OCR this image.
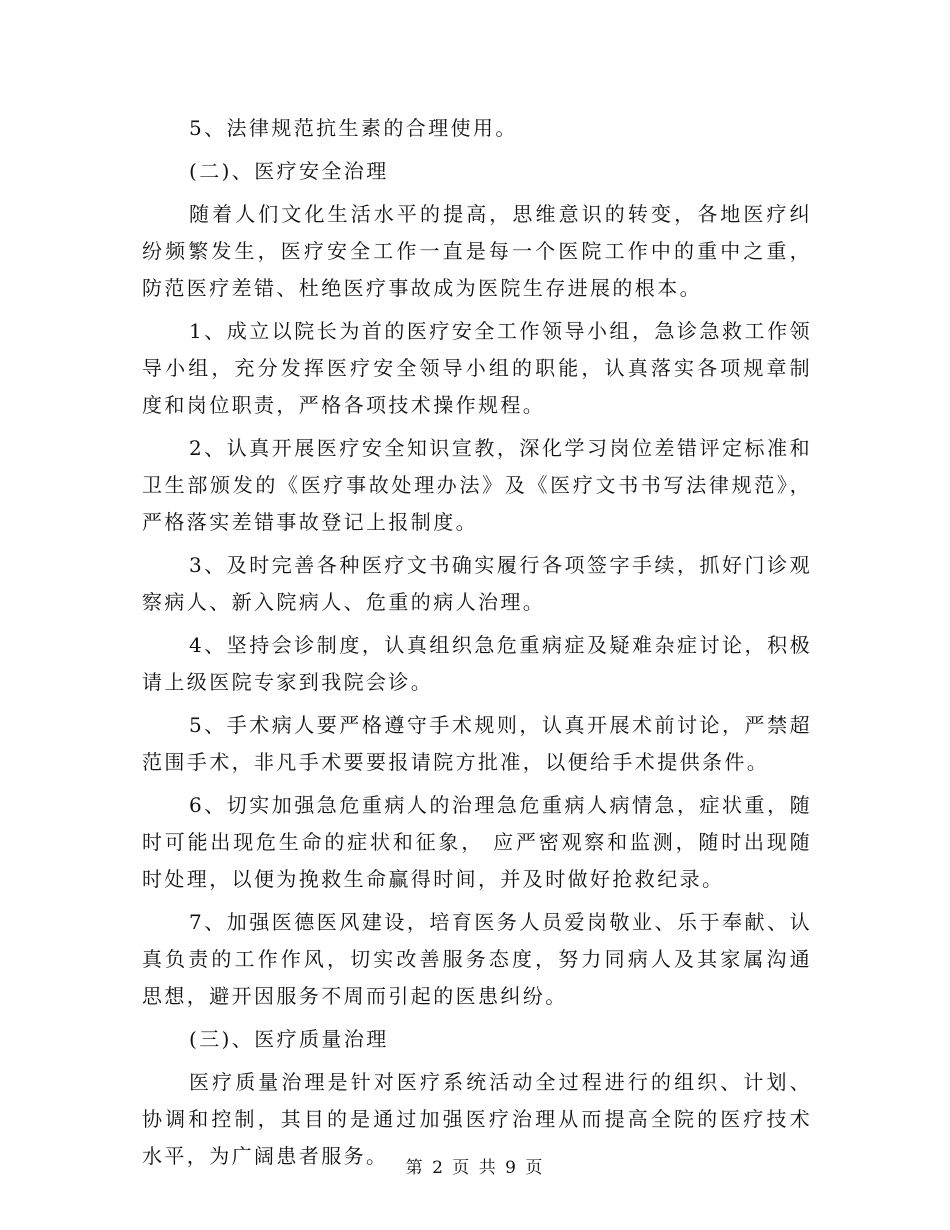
5、法律规范抗生素的合理使用。

(二)、医疗安全治理

随着人们文化生活水平的提高，思维意识的转变，各地医疗纠纷频繁发生，医疗安全工作一直是每一个医院工作中的重中之重，防范医疗差错、杜绝医疗事故成为医院生存进展的根本。

1、成立以院长为首的医疗安全工作领导小组，急诊急救工作领导小组，充分发挥医疗安全领导小组的职能，认真落实各项规章制度和岗位职责，严格各项技术操作规程。

2、认真开展医疗安全知识宣教，深化学习岗位差错评定标准和卫生部颁发的《医疗事故处理办法》及《医疗文书书写法律规范》，严格落实差错事故登记上报制度。

3、及时完善各种医疗文书确实履行各项签字手续，抓好门诊观察病人、新入院病人、危重的病人治理。

4、坚持会诊制度，认真组织急危重病症及疑难杂症讨论，积极请上级医院专家到我院会诊。

5、手术病人要严格遵守手术规则，认真开展术前讨论，严禁超范围手术，非凡手术要要报请院方批准，以便给手术提供条件。

6、切实加强急危重病人的治理急危重病人病情急，症状重，随时可能出现危生命的症状和征象， 应严密观察和监测，随时出现随时处理，以便为挽救生命赢得时间，并及时做好抢救纪录。

7、加强医德医风建设，培育医务人员爱岗敬业、乐于奉献、认真负责的工作作风，切实改善服务态度，努力同病人及其家属沟通思想，避开因服务不周而引起的医患纠纷。

(三)、医疗质量治理

医疗质量治理是针对医疗系统活动全过程进行的组织、计划、协调和控制，其目的是通过加强医疗治理从而提高全院的医疗技术水平，为广阔患者服务。	第 2 页 共 9 页
